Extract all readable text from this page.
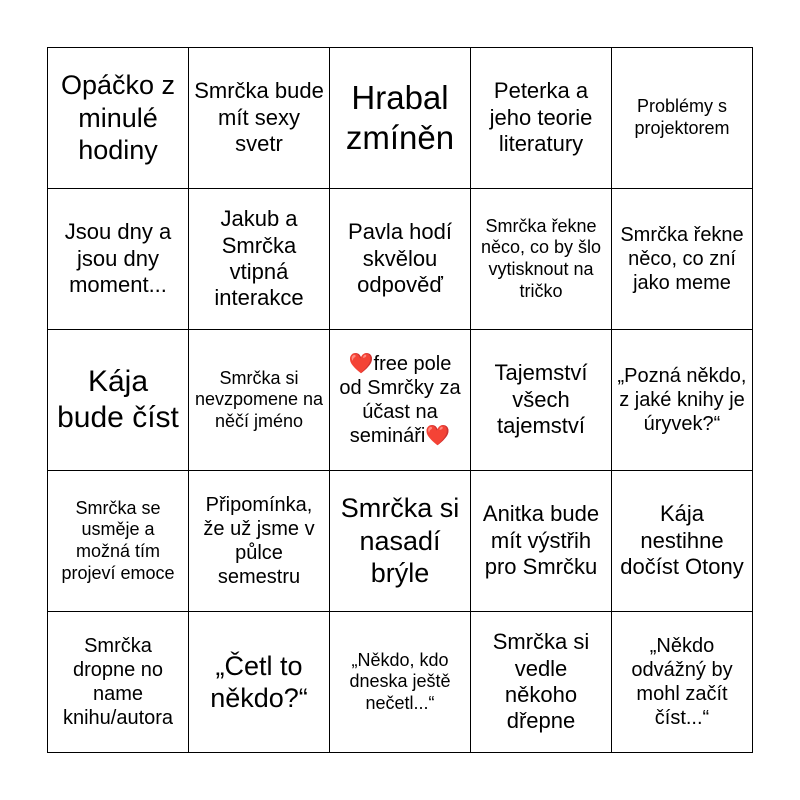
Opáčko z minulé hodiny	Smrčka bude mít sexy svetr	Hrabal zmíněn	Peterka a jeho teorie literatury	Problémy s projektorem
Jsou dny a jsou dny moment...	Jakub a Smrčka vtipná interakce	Pavla hodí skvělou odpověď	Smrčka řekne něco, co by šlo vytisknout na tričko	Smrčka řekne něco, co zní jako meme
Kája bude číst	Smrčka si nevzpomene na něčí jméno	❤️free pole od Smrčky za účast na semináři❤️	Tajemství všech tajemství	„Pozná někdo, z jaké knihy je úryvek?“
Smrčka se usměje a možná tím projeví emoce	Připomínka, že už jsme v půlce semestru	Smrčka si nasadí brýle	Anitka bude mít výstřih pro Smrčku	Kája nestihne dočíst Otony
Smrčka dropne no name knihu/autora	„Četl to někdo?“	„Někdo, kdo dneska ještě nečetl...“	Smrčka si vedle někoho dřepne	„Někdo odvážný by mohl začít číst...“
